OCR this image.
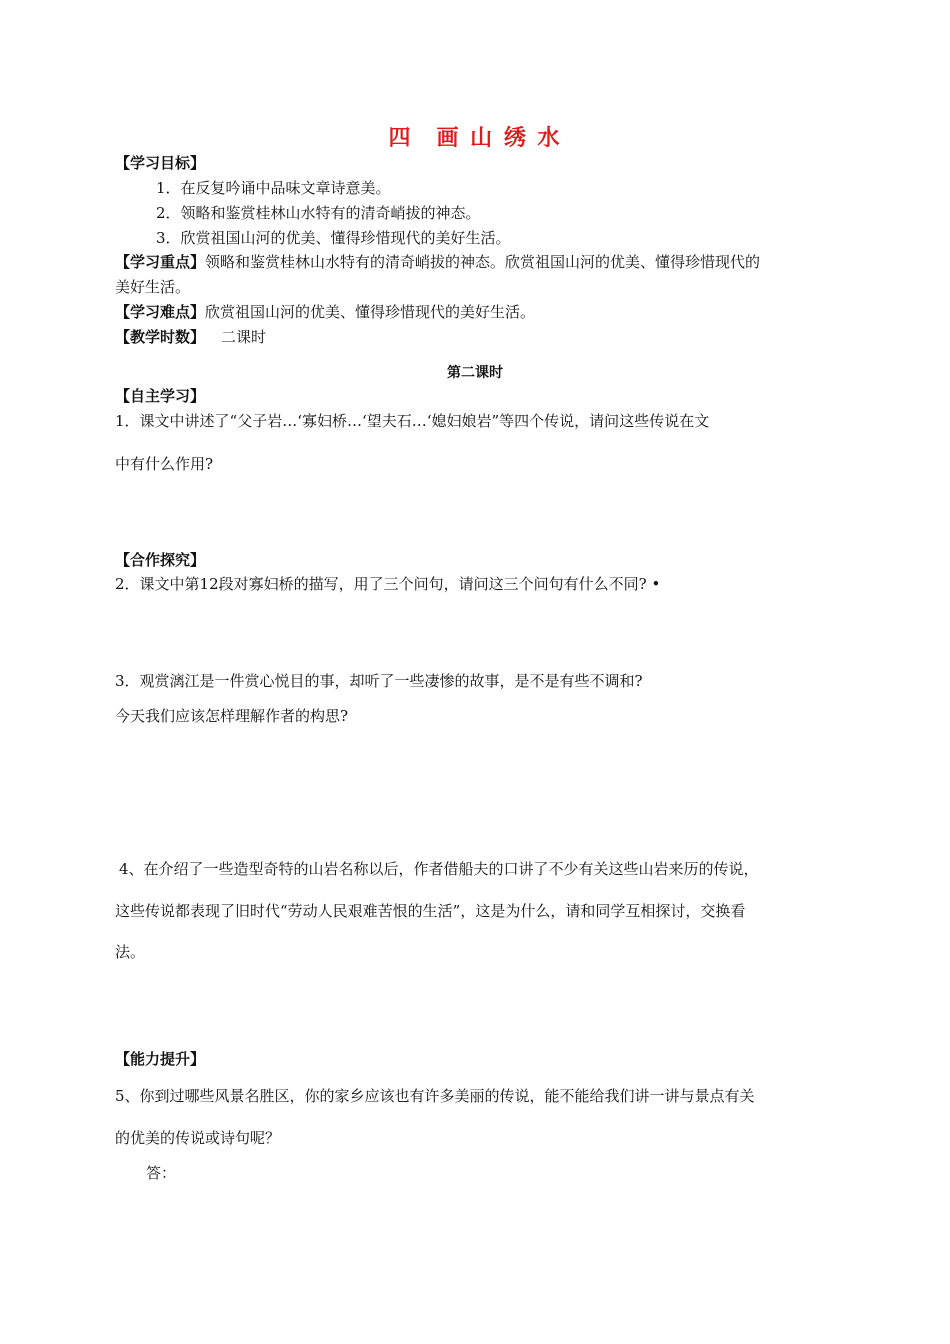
四　画 山 绣 水
【学习目标】
1．在反复吟诵中品味文章诗意美。
2．领略和鉴赏桂林山水特有的清奇峭拔的神态。
3．欣赏祖国山河的优美、懂得珍惜现代的美好生活。
【学习重点】领略和鉴赏桂林山水特有的清奇峭拔的神态。欣赏祖国山河的优美、懂得珍惜现代的
美好生活。
【学习难点】欣赏祖国山河的优美、懂得珍惜现代的美好生活。
【教学时数】 二课时
第二课时
【自主学习】
1．课文中讲述了“父子岩…‘寡妇桥…‘望夫石…‘媳妇娘岩”等四个传说，请问这些传说在文
中有什么作用?
【合作探究】
2．课文中第12段对寡妇桥的描写，用了三个问句，请问这三个问句有什么不同? •
3．观赏漓江是一件赏心悦目的事，却听了一些凄惨的故事，是不是有些不调和?
今天我们应该怎样理解作者的构思?
4、在介绍了一些造型奇特的山岩名称以后，作者借船夫的口讲了不少有关这些山岩来历的传说，
这些传说都表现了旧时代“劳动人民艰难苦恨的生活”，这是为什么，请和同学互相探讨，交换看
法。
【能力提升】
5、你到过哪些风景名胜区，你的家乡应该也有许多美丽的传说，能不能给我们讲一讲与景点有关
的优美的传说或诗句呢？
答：
